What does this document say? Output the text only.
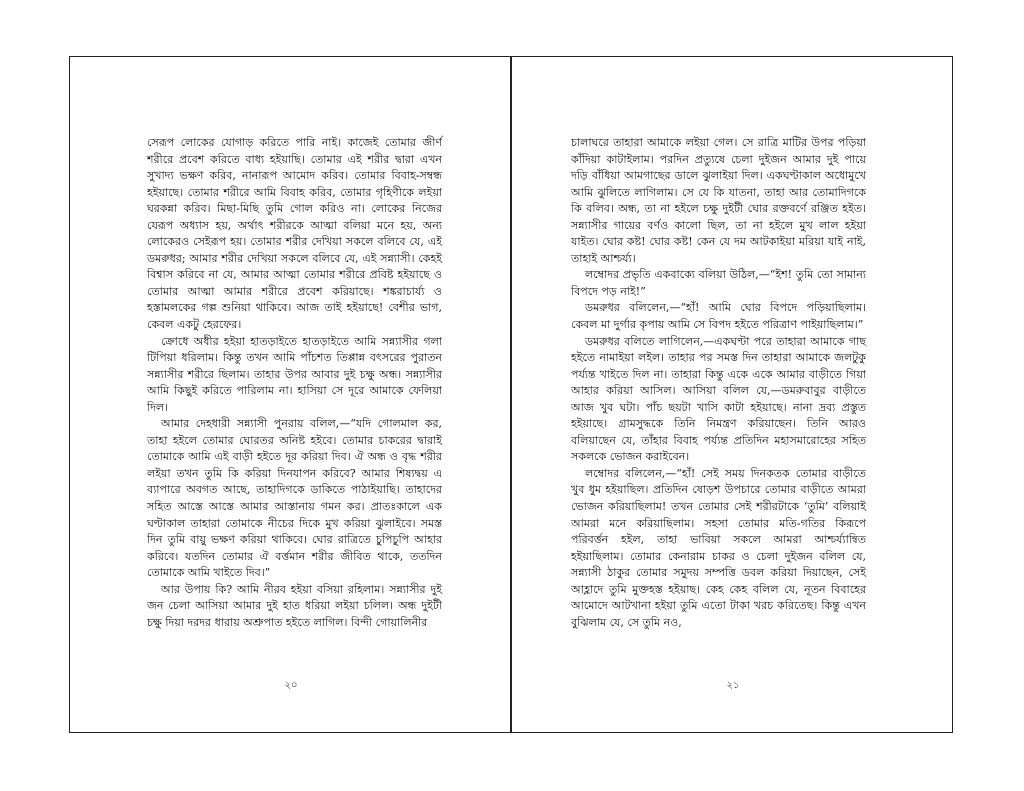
সেরূপ লোকের যোগাড় করিতে পারি নাই। কাজেই তোমার জীর্ণ শরীরে প্রবেশ করিতে বাধ্য হইয়াছি। তোমার এই শরীর দ্বারা এখন সুখাদ্য ভক্ষণ করিব, নানারূপ আমোদ করিব। তোমার বিবাহ-সম্বন্ধ হইয়াছে। তোমার শরীরে আমি বিবাহ করিব, তোমার গৃহিণীকে লইয়া ঘরকন্না করিব। মিছা-মিছি তুমি গোল করিও না। লোকের নিজের যেরূপ অধ্যাস হয়, অর্থাৎ শরীরকে আত্মা বলিয়া মনে হয়, অন্য লোকেরও সেইরূপ হয়। তোমার শরীর দেখিয়া সকলে বলিবে যে, এই ডমরুধর; আমার শরীর দেখিয়া সকলে বলিবে যে, এই সন্ন্যাসী। কেহই বিশ্বাস করিবে না যে, আমার আত্মা তোমার শরীরে প্রবিষ্ট হইয়াছে ও তোমার আত্মা আমার শরীরে প্রবেশ করিয়াছে। শঙ্করাচার্য্য ও হস্তামলকের গল্প শুনিয়া থাকিবে। আজ তাই হইয়াছে! বেশীর ভাগ, কেবল একটু হেরফের।

ক্রোধে অধীর হইয়া হাতড়াইতে হাতড়াইতে আমি সন্ন্যাসীর গলা টিপিয়া ধরিলাম। কিন্তু তখন আমি পাঁচশত তিপ্পান্ন বৎসরের পুরাতন সন্ন্যাসীর শরীরে ছিলাম। তাহার উপর আবার দুই চক্ষু অন্ধ। সন্ন্যাসীর আমি কিছুই করিতে পারিলাম না। হাসিয়া সে দূরে আমাকে ফেলিয়া দিল।

আমার দেহধারী সন্ন্যাসী পুনরায় বলিল,—“যদি গোলমাল কর, তাহা হইলে তোমার ঘোরতর অনিষ্ট হইবে। তোমার চাকরের দ্বারাই তোমাকে আমি এই বাড়ী হইতে দূর করিয়া দিব। ঐ অন্ধ ও বৃদ্ধ শরীর লইয়া তখন তুমি কি করিয়া দিনযাপন করিবে? আমার শিষ্যদ্বয় এ ব্যাপারে অবগত আছে, তাহাদিগকে ডাকিতে পাঠাইয়াছি। তাহাদের সহিত আস্তে আস্তে আমার আস্তানায় গমন কর। প্রাতঃকালে এক ঘণ্টাকাল তাহারা তোমাকে নীচের দিকে মুখ করিয়া ঝুলাইবে। সমস্ত দিন তুমি বায়ু ভক্ষণ করিয়া থাকিবে। ঘোর রাত্রিতে চুপিচুপি আহার করিবে। যতদিন তোমার ঐ বর্ত্তমান শরীর জীবিত থাকে, ততদিন তোমাকে আমি খাইতে দিব।”

আর উপায় কি? আমি নীরব হইয়া বসিয়া রহিলাম। সন্ন্যাসীর দুই জন চেলা আসিয়া আমার দুই হাত ধরিয়া লইয়া চলিল। অন্ধ দুইটী চক্ষু দিয়া দরদর ধারায় অশ্রুপাত হইতে লাগিল। বিন্দী গোয়ালিনীর

২০

চালাঘরে তাহারা আমাকে লইয়া গেল। সে রাত্রি মাটির উপর পড়িয়া কাঁদিয়া কাটাইলাম। পরদিন প্রত্যুষে চেলা দুইজন আমার দুই পায়ে দড়ি বাঁধিয়া আমগাছের ডালে ঝুলাইয়া দিল। একঘণ্টাকাল অধোমুখে আমি ঝুলিতে লাগিলাম। সে যে কি যাতনা, তাহা আর তোমাদিগকে কি বলিব। অন্ধ, তা না হইলে চক্ষু দুইটী ঘোর রক্তবর্ণে রঞ্জিত হইত। সন্ন্যাসীর গায়ের বর্ণও কালো ছিল, তা না হইলে মুখ লাল হইয়া যাইত। ঘোর কষ্ট! ঘোর কষ্ট! কেন যে দম আটকাইয়া মরিয়া যাই নাই, তাহাই আশ্চর্য্য।

লম্বোদর প্রভৃতি একবাক্যে বলিয়া উঠিল,—“ইশ! তুমি তো সামান্য বিপদে পড় নাই!”

ডমরুধর বলিলেন,—“হাঁ! আমি ঘোর বিপদে পড়িয়াছিলাম। কেবল মা দুর্গার কৃপায় আমি সে বিপদ হইতে পরিত্রাণ পাইয়াছিলাম।”

ডমরুধর বলিতে লাগিলেন,—একঘণ্টা পরে তাহারা আমাকে গাছ হইতে নামাইয়া লইল। তাহার পর সমস্ত দিন তাহারা আমাকে জলটুকু পর্য্যন্ত খাইতে দিল না। তাহারা কিন্তু একে একে আমার বাড়ীতে গিয়া আহার করিয়া আসিল। আসিয়া বলিল যে,—ডমরুবাবুর বাড়ীতে আজ খুব ঘটা। পাঁচ ছয়টা খাসি কাটা হইয়াছে। নানা দ্রব্য প্রস্তুত হইয়াছে। গ্রামসুদ্ধকে তিনি নিমন্ত্রণ করিয়াছেন। তিনি আরও বলিয়াছেন যে, তাঁহার বিবাহ পর্য্যন্ত প্রতিদিন মহাসমারোহের সহিত সকলকে ভোজন করাইবেন।

লম্বোদর বলিলেন,—“হাঁ! সেই সময় দিনকতক তোমার বাড়ীতে খুব ধুম হইয়াছিল। প্রতিদিন ষোড়শ উপচারে তোমার বাড়ীতে আমরা ভোজন করিয়াছিলাম! তখন তোমার সেই শরীরটাকে ‘তুমি’ বলিয়াই আমরা মনে করিয়াছিলাম। সহসা তোমার মতি-গতির কিরূপে পরিবর্ত্তন হইল, তাহা ভাবিয়া সকলে আমরা আশ্চর্য্যান্বিত হইয়াছিলাম। তোমার কেনারাম চাকর ও চেলা দুইজন বলিল যে, সন্ন্যাসী ঠাকুর তোমার সমুদয় সম্পত্তি ডবল করিয়া দিয়াছেন, সেই আহ্লাদে তুমি মুক্তহস্ত হইয়াছ। কেহ কেহ বলিল যে, নূতন বিবাহের আমোদে আটখানা হইয়া তুমি এতো টাকা খরচ করিতেছ। কিন্তু এখন বুঝিলাম যে, সে তুমি নও,

২১
